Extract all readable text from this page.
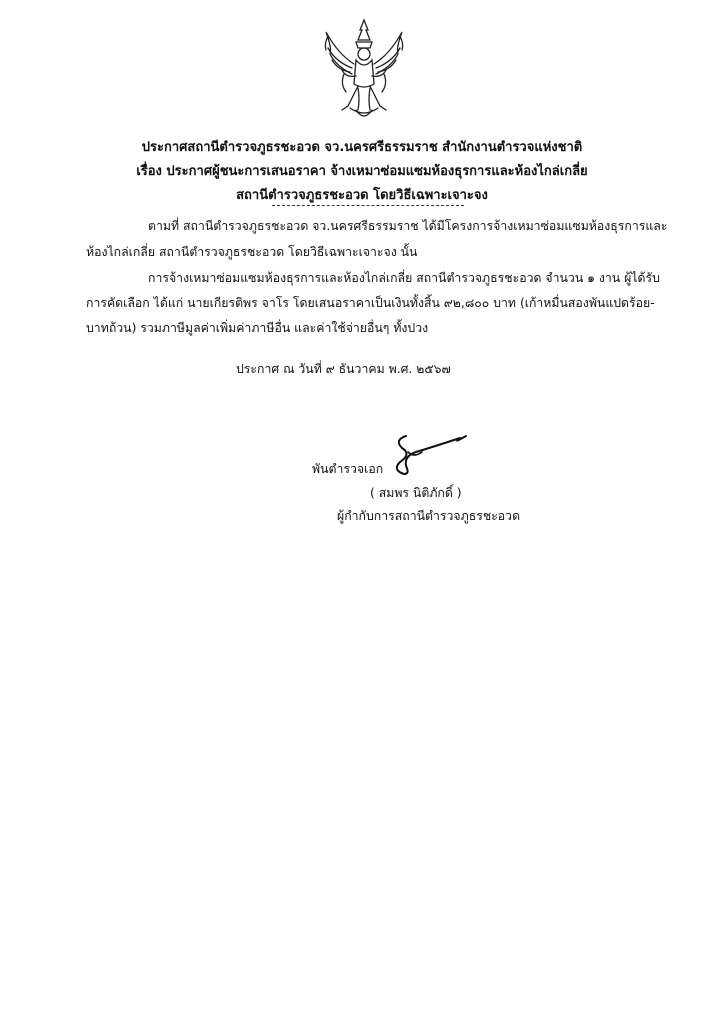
ประกาศสถานีตำรวจภูธรชะอวด จว.นครศรีธรรมราช สำนักงานตำรวจแห่งชาติ
เรื่อง ประกาศผู้ชนะการเสนอราคา จ้างเหมาซ่อมแซมห้องธุรการและห้องไกล่เกลี่ย
สถานีตำรวจภูธรชะอวด โดยวิธีเฉพาะเจาะจง
ตามที่ สถานีตำรวจภูธรชะอวด จว.นครศรีธรรมราช ได้มีโครงการจ้างเหมาซ่อมแซมห้องธุรการและ
ห้องไกล่เกลี่ย สถานีตำรวจภูธรชะอวด โดยวิธีเฉพาะเจาะจง นั้น
การจ้างเหมาซ่อมแซมห้องธุรการและห้องไกล่เกลี่ย สถานีตำรวจภูธรชะอวด จำนวน ๑ งาน ผู้ได้รับ
การคัดเลือก ได้แก่ นายเกียรติพร จาโร โดยเสนอราคาเป็นเงินทั้งสิ้น ๙๒,๘๐๐ บาท (เก้าหมื่นสองพันแปดร้อย-
บาทถ้วน) รวมภาษีมูลค่าเพิ่มค่าภาษีอื่น และค่าใช้จ่ายอื่นๆ ทั้งปวง
ประกาศ ณ วันที่ ๙ ธันวาคม พ.ศ. ๒๕๖๗
พันตำรวจเอก
( สมพร นิติภักดิ์ )
ผู้กำกับการสถานีตำรวจภูธรชะอวด
